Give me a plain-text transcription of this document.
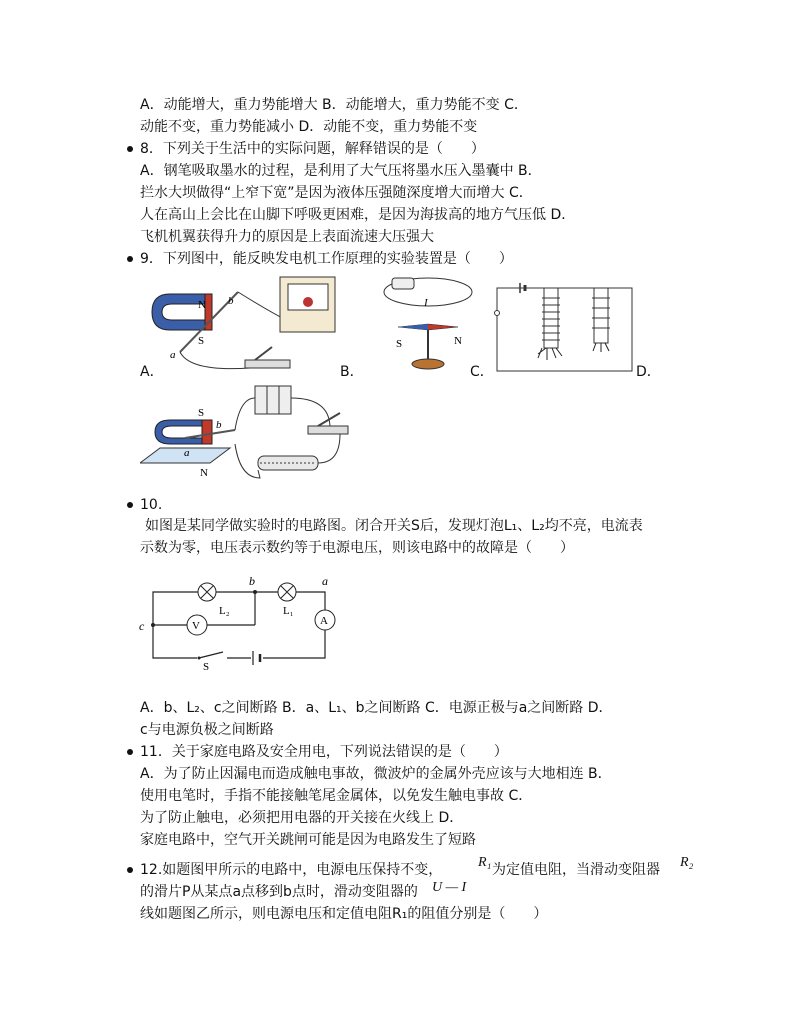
A．动能增大，重力势能增大 B．动能增大，重力势能不变 C．
动能不变，重力势能减小 D．动能不变，重力势能不变
8．下列关于生活中的实际问题，解释错误的是（　　）
A．钢笔吸取墨水的过程，是利用了大气压将墨水压入墨囊中 B．
拦水大坝做得“上窄下宽”是因为液体压强随深度增大而增大 C．
人在高山上会比在山脚下呼吸更困难，是因为海拔高的地方气压低 D．
飞机机翼获得升力的原因是上表面流速大压强大
9．下列图中，能反映发电机工作原理的实验装置是（　　）
N
S
a
b
A．
I
S	N
B．	C．	D．
S
N
a
b
10.
如图是某同学做实验时的电路图。闭合开关S后，发现灯泡L₁、L₂均不亮，电流表
示数为零，电压表示数约等于电源电压，则该电路中的故障是（　　）
V	A
b	a
c
L₂	L₁
S
A．b、L₂、c之间断路 B．a、L₁、b之间断路 C．电源正极与a之间断路 D．
c与电源负极之间断路
11．关于家庭电路及安全用电，下列说法错误的是（　　）
A．为了防止因漏电而造成触电事故，微波炉的金属外壳应该与大地相连 B．
使用电笔时，手指不能接触笔尾金属体，以免发生触电事故 C．
为了防止触电，必须把用电器的开关接在火线上 D．
家庭电路中，空气开关跳闸可能是因为电路发生了短路
12.如题图甲所示的电路中，电源电压保持不变，	R₁ 为定值电阻，当滑动变阻器 R₂
的滑片P从某点a点移到b点时，滑动变阻器的 U — I
线如题图乙所示，则电源电压和定值电阻R₁的阻值分别是（　　）
